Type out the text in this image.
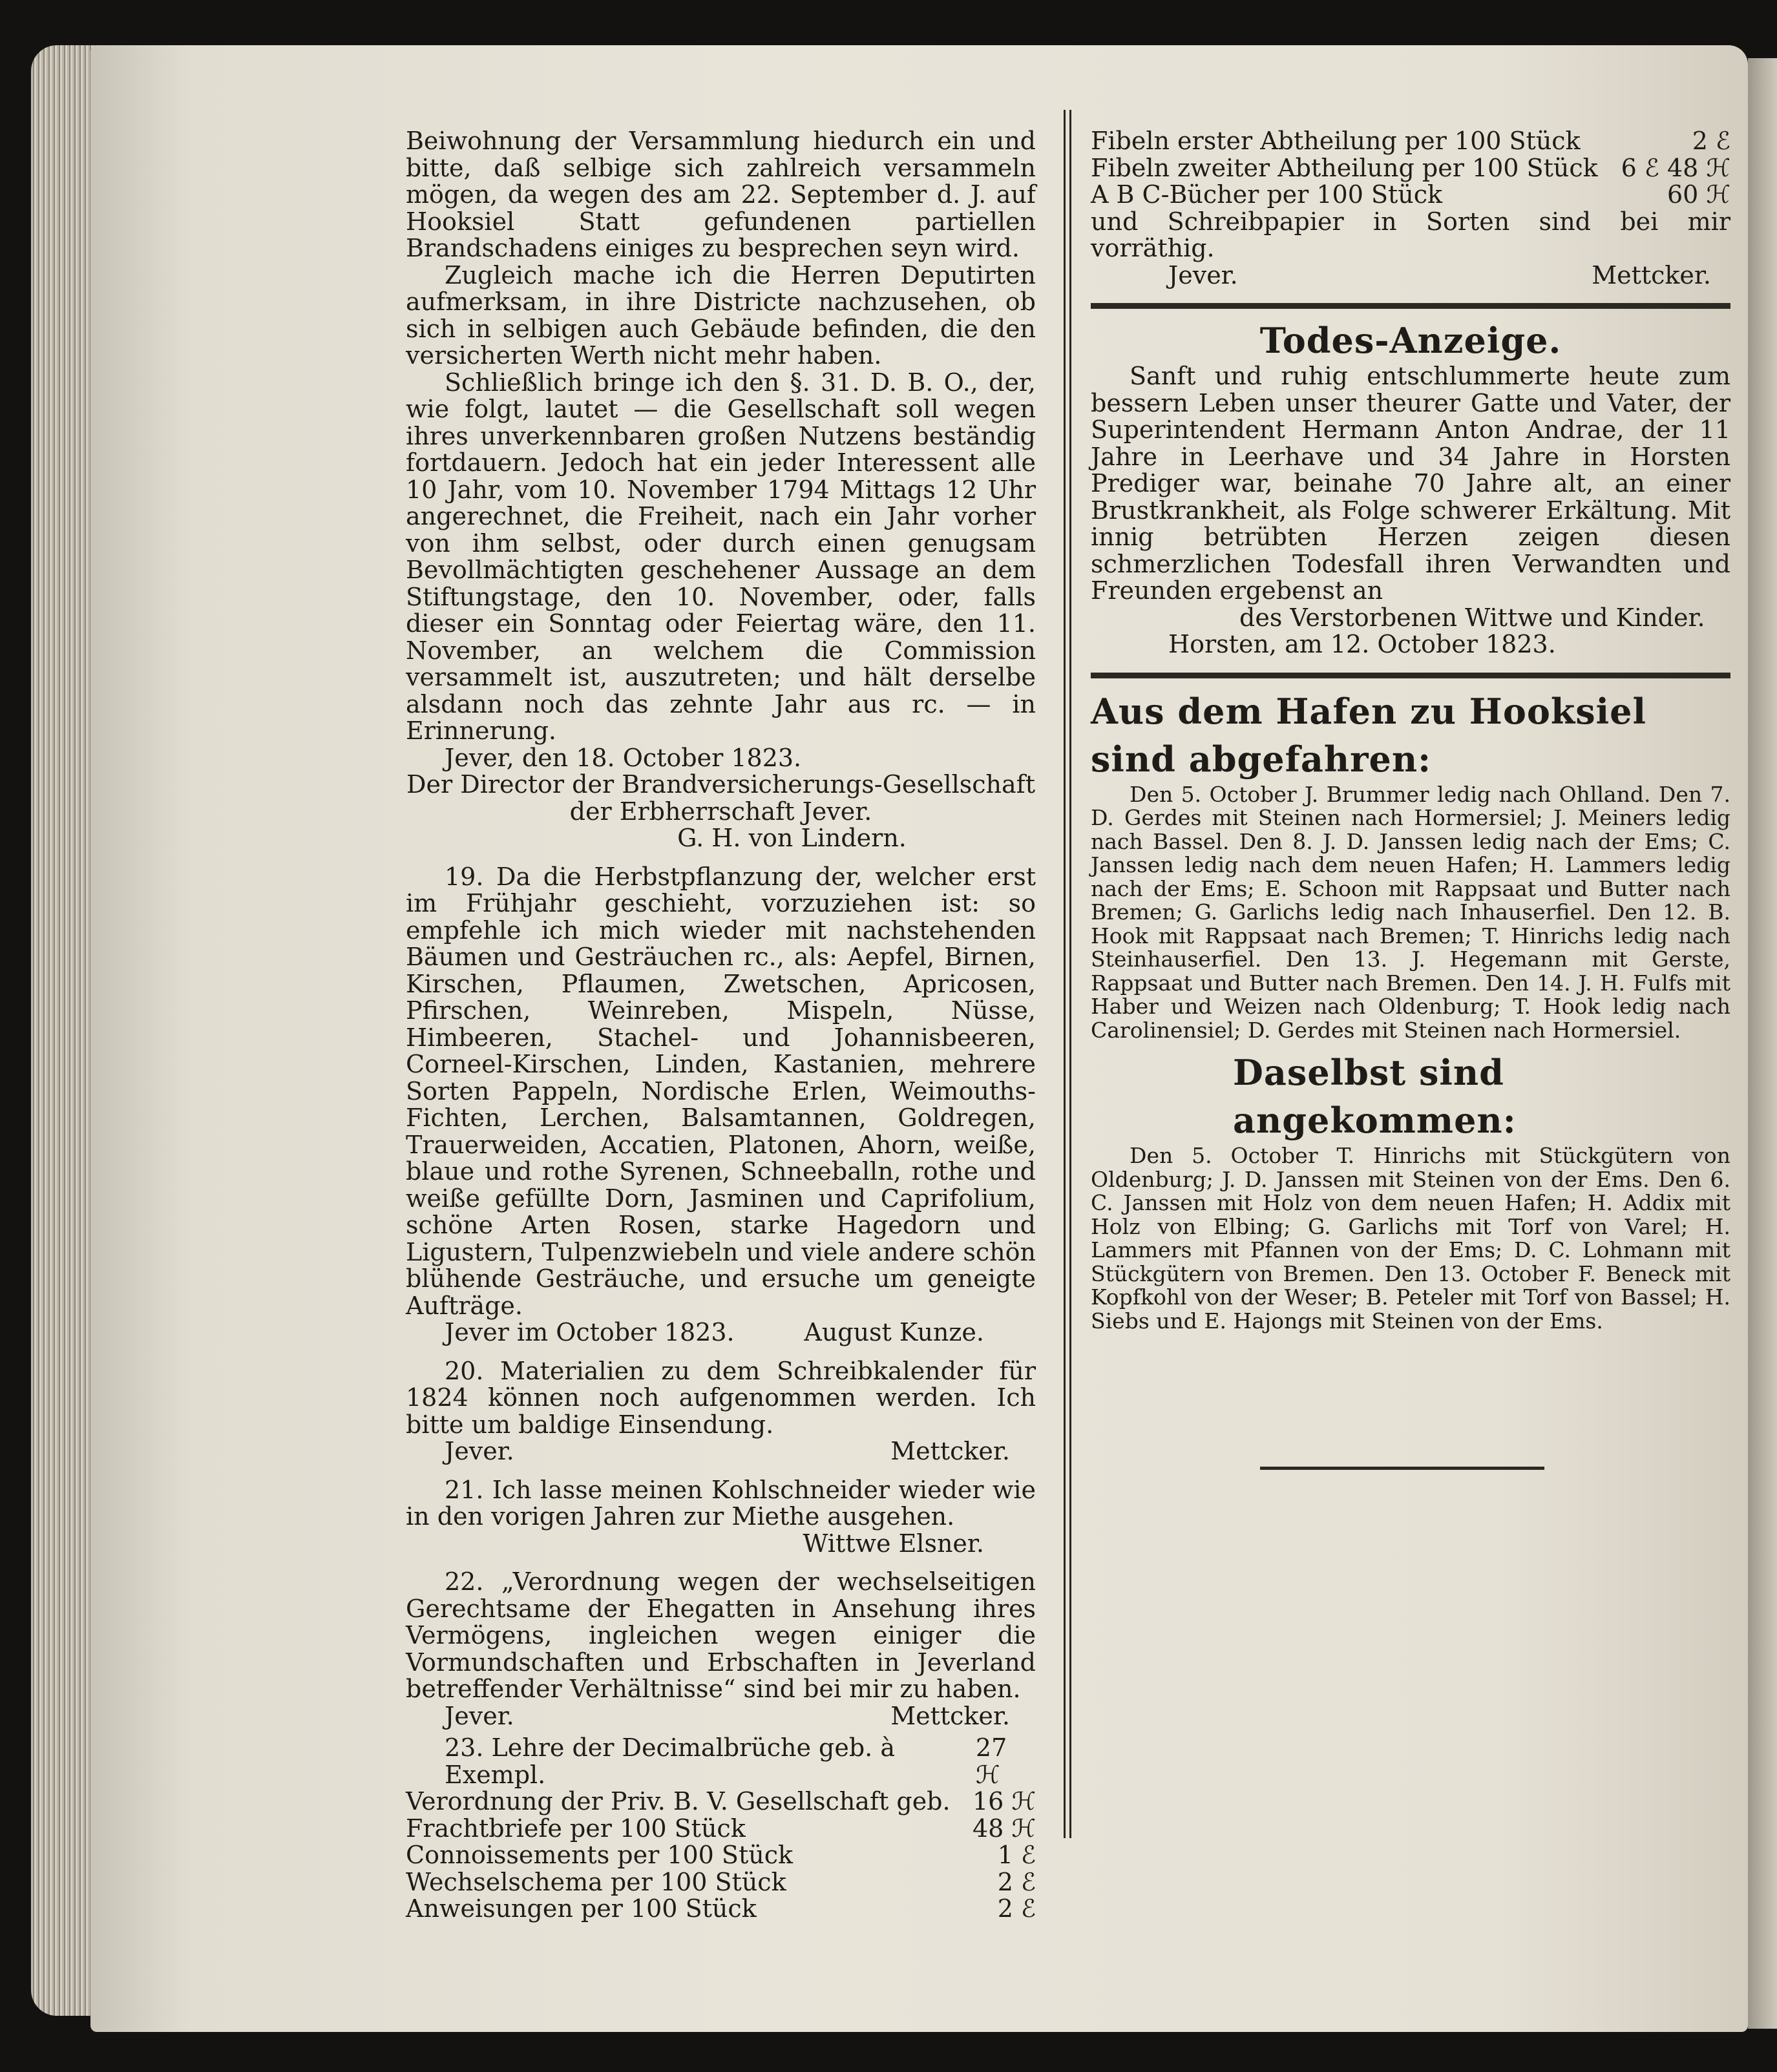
Beiwohnung der Versammlung hiedurch ein und bitte, daß selbige sich zahlreich versammeln mögen, da wegen des am 22. September d. J. auf Hooksiel Statt gefundenen partiellen Brandschadens einiges zu besprechen seyn wird.

Zugleich mache ich die Herren Deputirten aufmerksam, in ihre Districte nachzusehen, ob sich in selbigen auch Gebäude befinden, die den versicherten Werth nicht mehr haben.

Schließlich bringe ich den §. 31. D. B. O., der, wie folgt, lautet — die Gesellschaft soll wegen ihres unverkennbaren großen Nutzens beständig fortdauern. Jedoch hat ein jeder Interessent alle 10 Jahr, vom 10. November 1794 Mittags 12 Uhr angerechnet, die Freiheit, nach ein Jahr vorher von ihm selbst, oder durch einen genugsam Bevollmächtigten geschehener Aussage an dem Stiftungstage, den 10. November, oder, falls dieser ein Sonntag oder Feiertag wäre, den 11. November, an welchem die Commission versammelt ist, auszutreten; und hält derselbe alsdann noch das zehnte Jahr aus rc. — in Erinnerung.

Jever, den 18. October 1823.

Der Director der Brandversicherungs-Gesellschaft

der Erbherrschaft Jever.

G. H. von Lindern.

19. Da die Herbstpflanzung der, welcher erst im Frühjahr geschieht, vorzuziehen ist: so empfehle ich mich wieder mit nachstehenden Bäumen und Gesträuchen rc., als: Aepfel, Birnen, Kirschen, Pflaumen, Zwetschen, Apricosen, Pfirschen, Weinreben, Mispeln, Nüsse, Himbeeren, Stachel- und Johannisbeeren, Corneel-Kirschen, Linden, Kastanien, mehrere Sorten Pappeln, Nordische Erlen, Weimouths-Fichten, Lerchen, Balsamtannen, Goldregen, Trauerweiden, Accatien, Platonen, Ahorn, weiße, blaue und rothe Syrenen, Schneeballn, rothe und weiße gefüllte Dorn, Jasminen und Caprifolium, schöne Arten Rosen, starke Hagedorn und Ligustern, Tulpenzwiebeln und viele andere schön blühende Gesträuche, und ersuche um geneigte Aufträge.

Jever im October 1823.	August Kunze.

20. Materialien zu dem Schreibkalender für 1824 können noch aufgenommen werden. Ich bitte um baldige Einsendung.

Jever.	Mettcker.

21. Ich lasse meinen Kohlschneider wieder wie in den vorigen Jahren zur Miethe ausgehen.

Wittwe Elsner.

22. „Verordnung wegen der wechselseitigen Gerechtsame der Ehegatten in Ansehung ihres Vermögens, ingleichen wegen einiger die Vormundschaften und Erbschaften in Jeverland betreffender Verhältnisse“ sind bei mir zu haben.

Jever.	Mettcker.
23. Lehre der Decimalbrüche geb. à Exempl.
27 ℋ
Verordnung der Priv. B. V. Gesellschaft geb. 16 ℋ
Frachtbriefe per 100 Stück	48 ℋ
Connoissements per 100 Stück	1 ℰ
Wechselschema per 100 Stück	2 ℰ
Anweisungen per 100 Stück	2 ℰ
Fibeln erster Abtheilung per 100 Stück	2 ℰ
Fibeln zweiter Abtheilung per 100 Stück 6 ℰ 48 ℋ
A B C-Bücher per 100 Stück	60 ℋ

und Schreibpapier in Sorten sind bei mir vorräthig.

Jever.	Mettcker.
Todes-Anzeige.

Sanft und ruhig entschlummerte heute zum bessern Leben unser theurer Gatte und Vater, der Superintendent Hermann Anton Andrae, der 11 Jahre in Leerhave und 34 Jahre in Horsten Prediger war, beinahe 70 Jahre alt, an einer Brustkrankheit, als Folge schwerer Erkältung. Mit innig betrübten Herzen zeigen diesen schmerzlichen Todesfall ihren Verwandten und Freunden ergebenst an

des Verstorbenen Wittwe und Kinder.

Horsten, am 12. October 1823.

Aus dem Hafen zu Hooksiel sind abgefahren:

Den 5. October J. Brummer ledig nach Ohlland. Den 7. D. Gerdes mit Steinen nach Hormersiel; J. Meiners ledig nach Bassel. Den 8. J. D. Janssen ledig nach der Ems; C. Janssen ledig nach dem neuen Hafen; H. Lammers ledig nach der Ems; E. Schoon mit Rappsaat und Butter nach Bremen; G. Garlichs ledig nach Inhauserfiel. Den 12. B. Hook mit Rappsaat nach Bremen; T. Hinrichs ledig nach Steinhauserfiel. Den 13. J. Hegemann mit Gerste, Rappsaat und Butter nach Bremen. Den 14. J. H. Fulfs mit Haber und Weizen nach Oldenburg; T. Hook ledig nach Carolinensiel; D. Gerdes mit Steinen nach Hormersiel.

Daselbst sind angekommen:

Den 5. October T. Hinrichs mit Stückgütern von Oldenburg; J. D. Janssen mit Steinen von der Ems. Den 6. C. Janssen mit Holz von dem neuen Hafen; H. Addix mit Holz von Elbing; G. Garlichs mit Torf von Varel; H. Lammers mit Pfannen von der Ems; D. C. Lohmann mit Stückgütern von Bremen. Den 13. October F. Beneck mit Kopfkohl von der Weser; B. Peteler mit Torf von Bassel; H. Siebs und E. Hajongs mit Steinen von der Ems.
